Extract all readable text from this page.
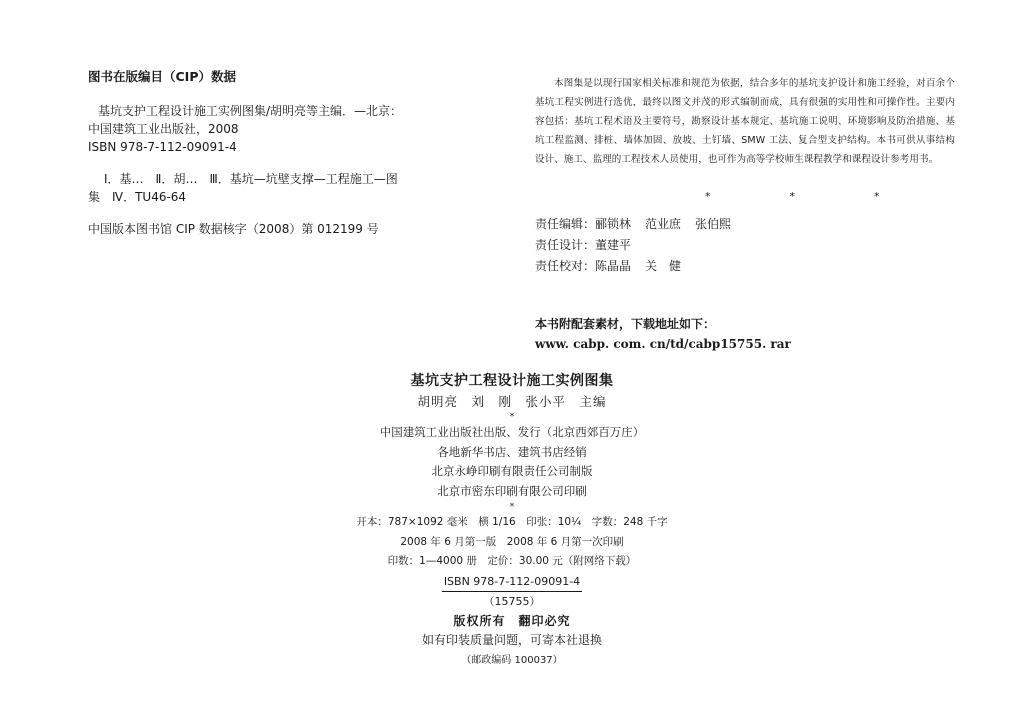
图书在版编目（CIP）数据
基坑支护工程设计施工实例图集/胡明亮等主编．—北京：
中国建筑工业出版社，2008
ISBN 978-7-112-09091-4
Ⅰ．基…　Ⅱ．胡…　Ⅲ．基坑—坑壁支撑—工程施工—图
集　Ⅳ．TU46-64
中国版本图书馆 CIP 数据核字（2008）第 012199 号

本图集是以现行国家相关标准和规范为依据，结合多年的基坑支护设计和施工经验，对百余个基坑工程实例进行选优，最终以图文并茂的形式编制而成，具有很强的实用性和可操作性。主要内容包括：基坑工程术语及主要符号，勘察设计基本规定、基坑施工说明、环境影响及防治措施、基坑工程监测、排桩、墙体加固、放坡、土钉墙、SMW 工法、复合型支护结构。本书可供从事结构设计、施工、监理的工程技术人员使用，也可作为高等学校师生课程教学和课程设计参考用书。

*　*　*
责任编辑：郦锁林 范业庶 张伯熙
责任设计：董建平
责任校对：陈晶晶 关　健
本书附配套素材，下载地址如下：
www. cabp. com. cn/td/cabp15755. rar
基坑支护工程设计施工实例图集
胡明亮　刘　刚　张小平　主编
*
中国建筑工业出版社出版、发行（北京西郊百万庄）
各地新华书店、建筑书店经销
北京永峥印刷有限责任公司制版
北京市密东印刷有限公司印刷
*
开本：787×1092 毫米　横 1/16　印张：10¼　字数：248 千字
2008 年 6 月第一版　2008 年 6 月第一次印刷
印数：1—4000 册　定价：30.00 元（附网络下载）
ISBN 978-7-112-09091-4
（15755）
版权所有　翻印必究
如有印装质量问题，可寄本社退换
（邮政编码 100037）
